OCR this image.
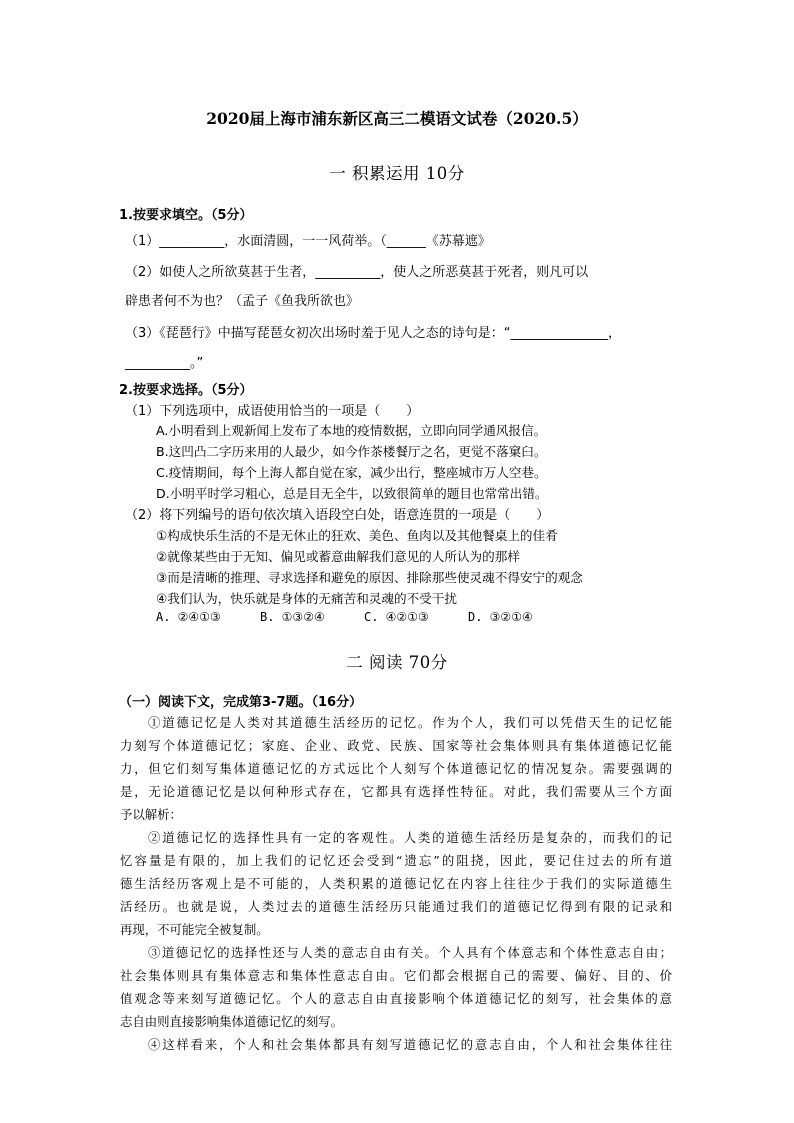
2020届上海市浦东新区高三二模语文试卷（2020.5）
一 积累运用 10分
1.按要求填空。（5分）
（1）__________，水面清圆，一一风荷举。（______《苏幕遮》
（2）如使人之所欲莫甚于生者，__________，使人之所恶莫甚于死者，则凡可以
辟患者何不为也？（孟子《鱼我所欲也》
（3）《琵琶行》中描写琵琶女初次出场时羞于见人之态的诗句是：“_______________，
__________。”
2.按要求选择。（5分）
（1）下列选项中，成语使用恰当的一项是（　　）
A.小明看到上观新闻上发布了本地的疫情数据，立即向同学通风报信。
B.这凹凸二字历来用的人最少，如今作茶楼餐厅之名，更觉不落窠臼。
C.疫情期间，每个上海人都自觉在家，减少出行，整座城市万人空巷。
D.小明平时学习粗心，总是目无全牛，以致很简单的题目也常常出错。
（2）将下列编号的语句依次填入语段空白处，语意连贯的一项是（　　）
①构成快乐生活的不是无休止的狂欢、美色、鱼肉以及其他餐桌上的佳肴
②就像某些由于无知、偏见或蓄意曲解我们意见的人所认为的那样
③而是清晰的推理、寻求选择和避免的原因、排除那些使灵魂不得安宁的观念
④我们认为，快乐就是身体的无痛苦和灵魂的不受干扰
A. ②④①③	B. ①③②④	C. ④②①③	D. ③②①④
二 阅读 70分
（一）阅读下文，完成第3-7题。（16分）
①道德记忆是人类对其道德生活经历的记忆。作为个人，我们可以凭借天生的记忆能
力刻写个体道德记忆；家庭、企业、政党、民族、国家等社会集体则具有集体道德记忆能
力，但它们刻写集体道德记忆的方式远比个人刻写个体道德记忆的情况复杂。需要强调的
是，无论道德记忆是以何种形式存在，它都具有选择性特征。对此，我们需要从三个方面
予以解析：
②道德记忆的选择性具有一定的客观性。人类的道德生活经历是复杂的，而我们的记
忆容量是有限的，加上我们的记忆还会受到“遗忘”的阻挠，因此，要记住过去的所有道
德生活经历客观上是不可能的，人类积累的道德记忆在内容上往往少于我们的实际道德生
活经历。也就是说，人类过去的道德生活经历只能通过我们的道德记忆得到有限的记录和
再现，不可能完全被复制。
③道德记忆的选择性还与人类的意志自由有关。个人具有个体意志和个体性意志自由；
社会集体则具有集体意志和集体性意志自由。它们都会根据自己的需要、偏好、目的、价
值观念等来刻写道德记忆。个人的意志自由直接影响个体道德记忆的刻写，社会集体的意
志自由则直接影响集体道德记忆的刻写。
④这样看来，个人和社会集体都具有刻写道德记忆的意志自由，个人和社会集体往往
